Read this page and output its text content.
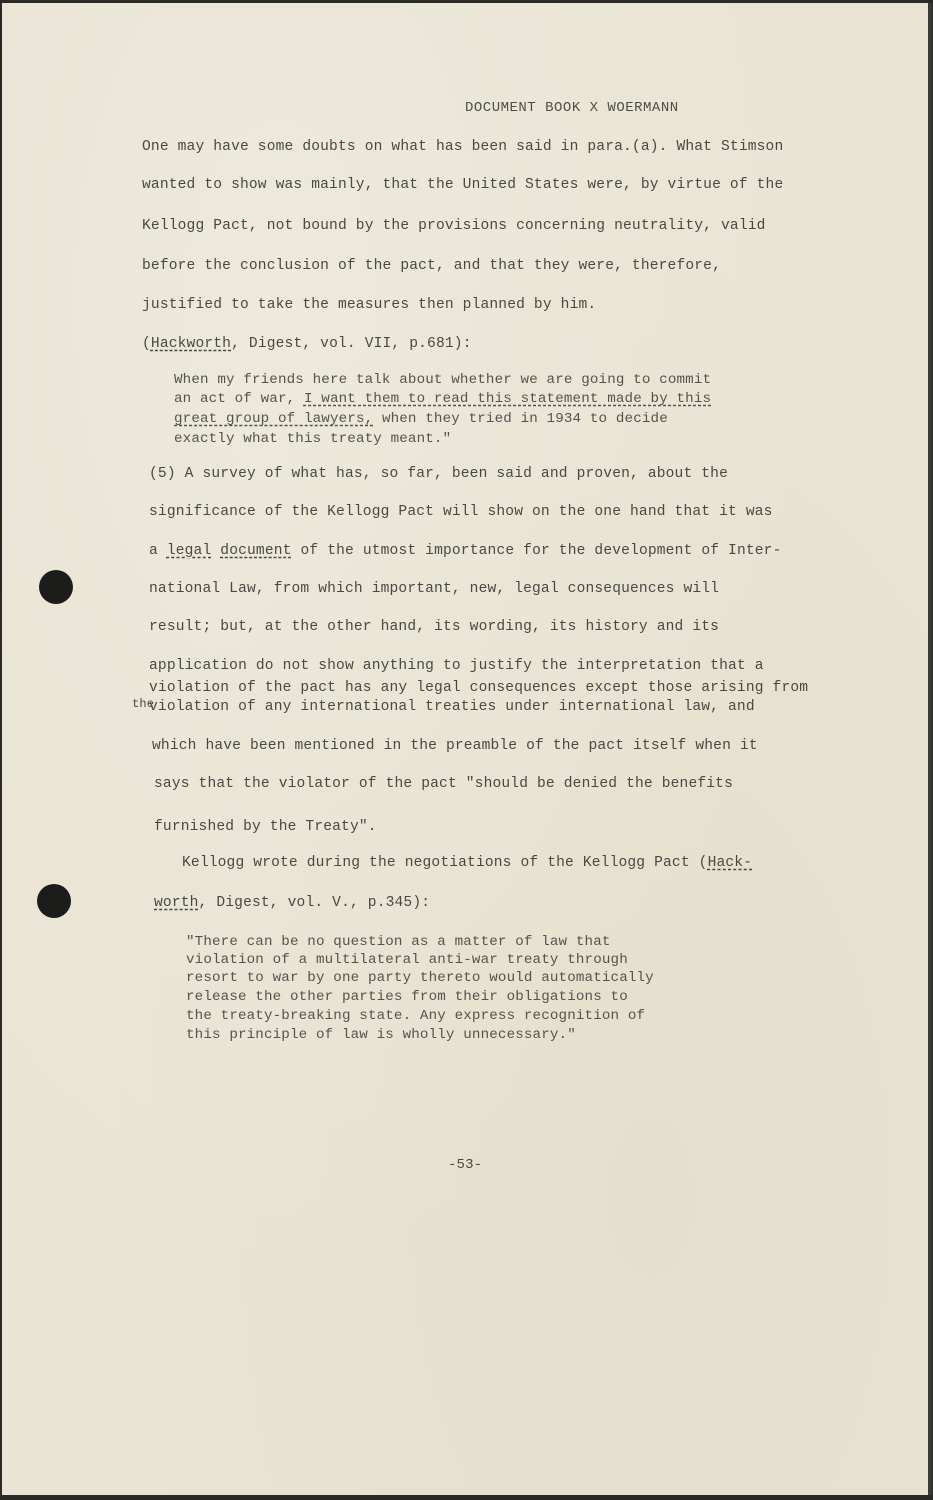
DOCUMENT BOOK X WOERMANN
One may have some doubts on what has been said in para.(a). What Stimson
wanted to show was mainly, that the United States were, by virtue of the
Kellogg Pact, not bound by the provisions concerning neutrality, valid
before the conclusion of the pact, and that they were, therefore,
justified to take the measures then planned by him.
(Hackworth, Digest, vol. VII, p.681):
When my friends here talk about whether we are going to commit
an act of war, I want them to read this statement made by this
great group of lawyers, when they tried in 1934 to decide
exactly what this treaty meant."
(5) A survey of what has, so far, been said and proven, about the
significance of the Kellogg Pact will show on the one hand that it was
a legal document of the utmost importance for the development of Inter-
national Law, from which important, new, legal consequences will
result; but, at the other hand, its wording, its history and its
application do not show anything to justify the interpretation that a
violation of the pact has any legal consequences except those arising from
the
violation of any international treaties under international law, and
which have been mentioned in the preamble of the pact itself when it
says that the violator of the pact "should be denied the benefits
furnished by the Treaty".
Kellogg wrote during the negotiations of the Kellogg Pact (Hack-
worth, Digest, vol. V., p.345):
"There can be no question as a matter of law that
violation of a multilateral anti-war treaty through
resort to war by one party thereto would automatically
release the other parties from their obligations to
the treaty-breaking state. Any express recognition of
this principle of law is wholly unnecessary."
-53-
